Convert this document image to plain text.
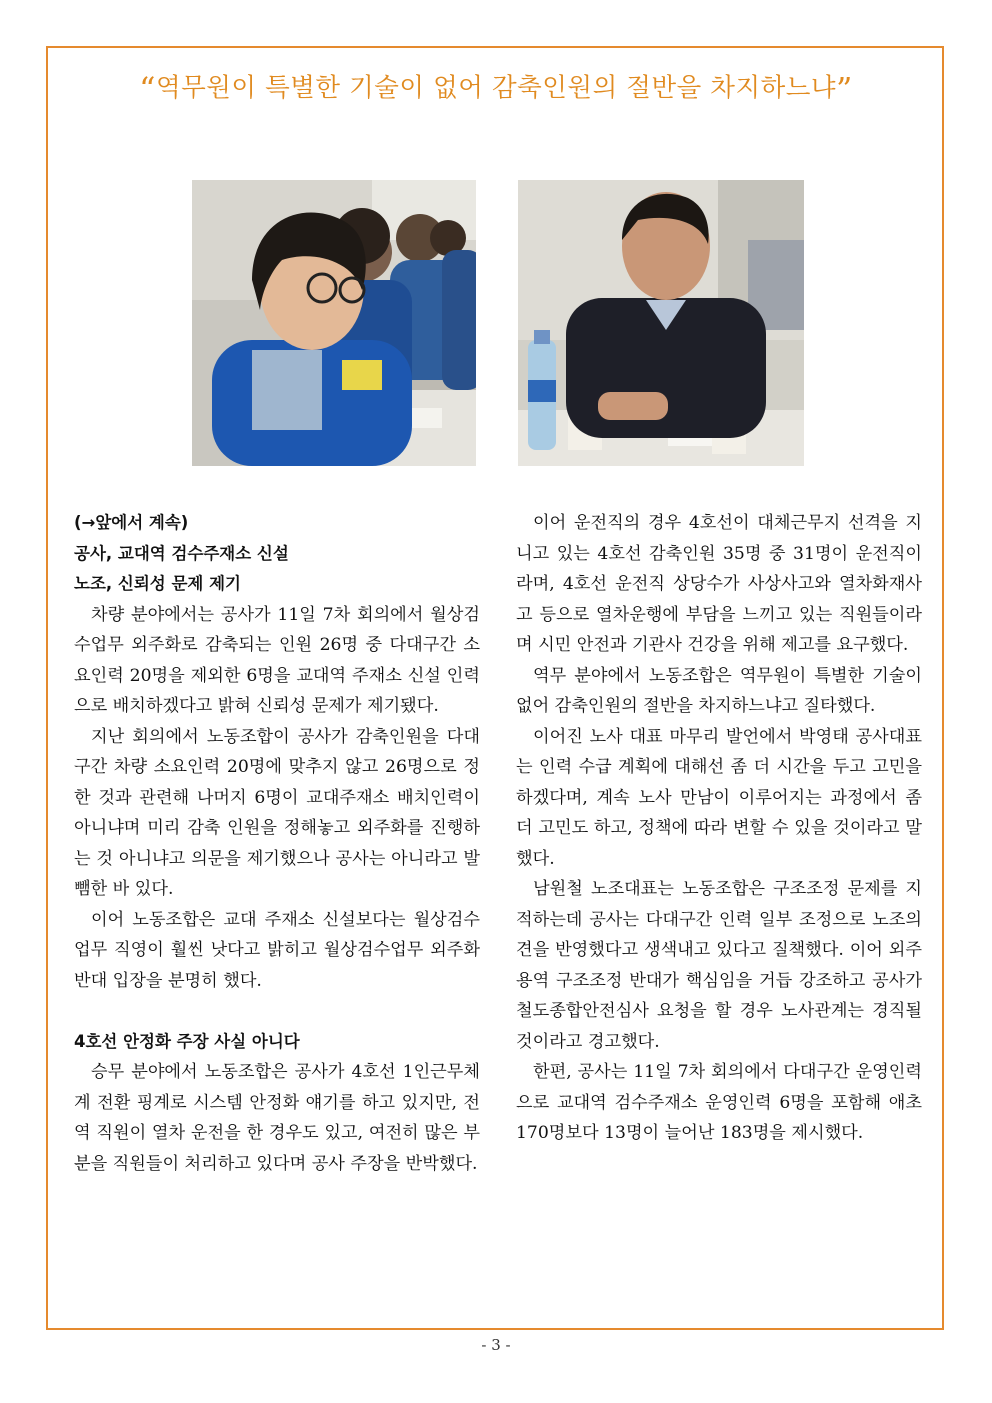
“역무원이 특별한 기술이 없어 감축인원의 절반을 차지하느냐”

(→앞에서 계속)

공사, 교대역 검수주재소 신설

노조, 신뢰성 문제 제기

차량 분야에서는 공사가 11일 7차 회의에서 월상검수업무 외주화로 감축되는 인원 26명 중 다대구간 소요인력 20명을 제외한 6명을 교대역 주재소 신설 인력으로 배치하겠다고 밝혀 신뢰성 문제가 제기됐다.

지난 회의에서 노동조합이 공사가 감축인원을 다대구간 차량 소요인력 20명에 맞추지 않고 26명으로 정한 것과 관련해 나머지 6명이 교대주재소 배치인력이 아니냐며 미리 감축 인원을 정해놓고 외주화를 진행하는 것 아니냐고 의문을 제기했으나 공사는 아니라고 발뺌한 바 있다.

이어 노동조합은 교대 주재소 신설보다는 월상검수업무 직영이 훨씬 낫다고 밝히고 월상검수업무 외주화 반대 입장을 분명히 했다.

4호선 안정화 주장 사실 아니다

승무 분야에서 노동조합은 공사가 4호선 1인근무체계 전환 핑계로 시스템 안정화 얘기를 하고 있지만, 전 역 직원이 열차 운전을 한 경우도 있고, 여전히 많은 부분을 직원들이 처리하고 있다며 공사 주장을 반박했다.

이어 운전직의 경우 4호선이 대체근무지 선격을 지니고 있는 4호선 감축인원 35명 중 31명이 운전직이라며, 4호선 운전직 상당수가 사상사고와 열차화재사고 등으로 열차운행에 부담을 느끼고 있는 직원들이라며 시민 안전과 기관사 건강을 위해 제고를 요구했다.

역무 분야에서 노동조합은 역무원이 특별한 기술이 없어 감축인원의 절반을 차지하느냐고 질타했다.

이어진 노사 대표 마무리 발언에서 박영태 공사대표는 인력 수급 계획에 대해선 좀 더 시간을 두고 고민을 하겠다며, 계속 노사 만남이 이루어지는 과정에서 좀 더 고민도 하고, 정책에 따라 변할 수 있을 것이라고 말했다.

남원철 노조대표는 노동조합은 구조조정 문제를 지적하는데 공사는 다대구간 인력 일부 조정으로 노조의견을 반영했다고 생색내고 있다고 질책했다. 이어 외주용역 구조조정 반대가 핵심임을 거듭 강조하고 공사가 철도종합안전심사 요청을 할 경우 노사관계는 경직될 것이라고 경고했다.

한편, 공사는 11일 7차 회의에서 다대구간 운영인력으로 교대역 검수주재소 운영인력 6명을 포함해 애초 170명보다 13명이 늘어난 183명을 제시했다.

- 3 -
